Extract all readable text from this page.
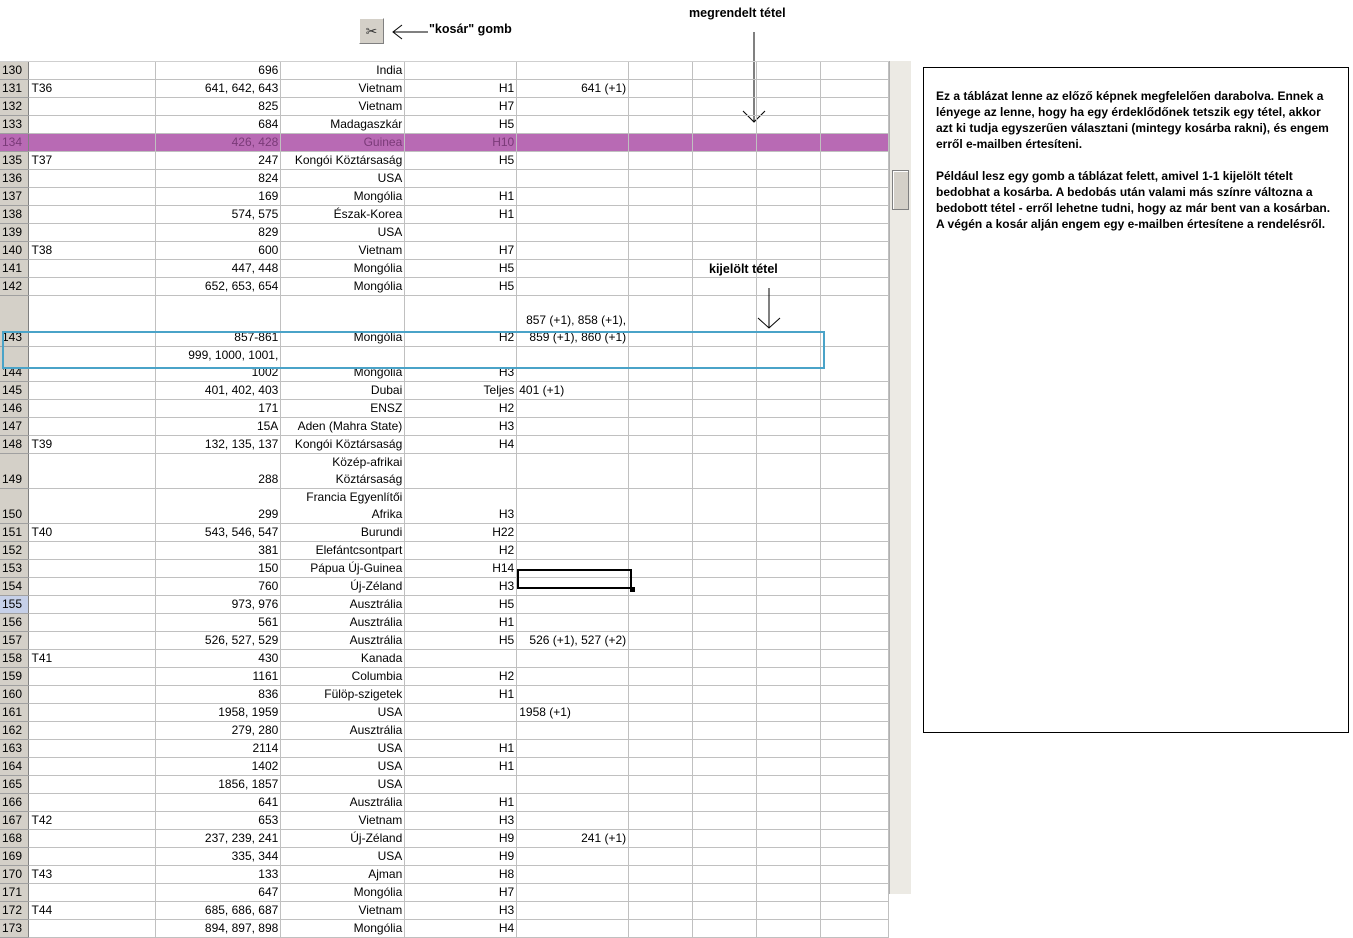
✂	"kosár" gomb
megrendelt tétel
130		696	India						
131	T36	641, 642, 643	Vietnam	H1	641 (+1)				
132		825	Vietnam	H7					
133		684	Madagaszkár	H5					
134		426, 428	Guinea	H10					
135	T37	247	Kongói Köztársaság	H5					
136		824	USA						
137		169	Mongólia	H1					
138		574, 575	Észak-Korea	H1					
139		829	USA						
140	T38	600	Vietnam	H7					
141		447, 448	Mongólia	H5					
142		652, 653, 654	Mongólia	H5					
143		857-861	Mongólia	H2	857 (+1), 858 (+1), 859 (+1), 860 (+1)				
144		999, 1000, 1001, 1002	Mongólia	H3					
145		401, 402, 403	Dubai	Teljes	401 (+1)				
146		171	ENSZ	H2					
147		15A	Aden (Mahra State)	H3					
148	T39	132, 135, 137	Kongói Köztársaság	H4					
149		288	Közép-afrikai Köztársaság						
150		299	Francia Egyenlítői Afrika	H3					
151	T40	543, 546, 547	Burundi	H22					
152		381	Elefántcsontpart	H2					
153		150	Pápua Új-Guinea	H14					
154		760	Új-Zéland	H3					
155		973, 976	Ausztrália	H5					
156		561	Ausztrália	H1					
157		526, 527, 529	Ausztrália	H5	526 (+1), 527 (+2)				
158	T41	430	Kanada						
159		1161	Columbia	H2					
160		836	Fülöp-szigetek	H1					
161		1958, 1959	USA		1958 (+1)				
162		279, 280	Ausztrália						
163		2114	USA	H1					
164		1402	USA	H1					
165		1856, 1857	USA						
166		641	Ausztrália	H1					
167	T42	653	Vietnam	H3					
168		237, 239, 241	Új-Zéland	H9	241 (+1)				
169		335, 344	USA	H9					
170	T43	133	Ajman	H8					
171		647	Mongólia	H7					
172	T44	685, 686, 687	Vietnam	H3					
173		894, 897, 898	Mongólia	H4					
kijelölt tétel

Ez a táblázat lenne az előző képnek megfelelően darabolva. Ennek a lényege az lenne, hogy ha egy érdeklődőnek tetszik egy tétel, akkor azt ki tudja egyszerűen választani (mintegy kosárba rakni), és engem erről e-mailben értesíteni.

Például lesz egy gomb a táblázat felett, amivel 1-1 kijelölt tételt bedobhat a kosárba. A bedobás után valami más színre változna a bedobott tétel - erről lehetne tudni, hogy az már bent van a kosárban. A végén a kosár alján engem egy e-mailben értesítene a rendelésről.
